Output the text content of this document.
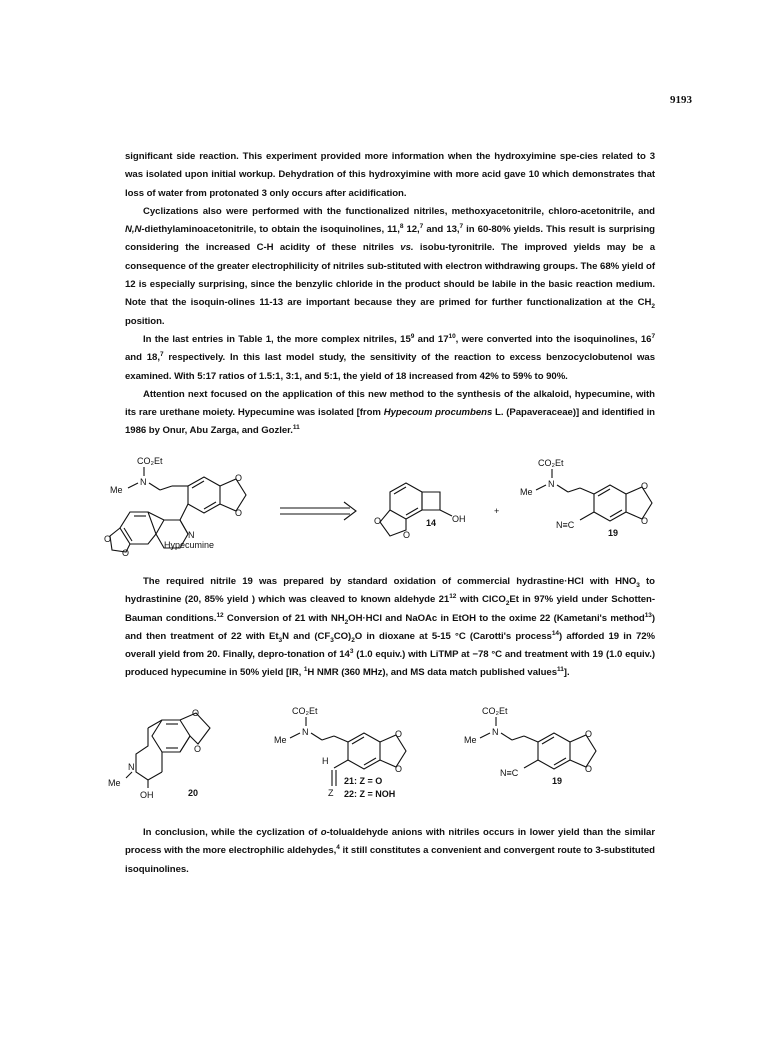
9193

significant side reaction. This experiment provided more information when the hydroxyimine spe-cies related to 3 was isolated upon initial workup. Dehydration of this hydroxyimine with more acid gave 10 which demonstrates that loss of water from protonated 3 only occurs after acidification.

Cyclizations also were performed with the functionalized nitriles, methoxyacetonitrile, chloro-acetonitrile, and N,N-diethylaminoacetonitrile, to obtain the isoquinolines, 11,$^8$ 12,$^7$ and 13,$^7$ in 60-80% yields. This result is surprising considering the increased C-H acidity of these nitriles vs. isobu-tyronitrile. The improved yields may be a consequence of the greater electrophilicity of nitriles sub-stituted with electron withdrawing groups. The 68% yield of 12 is especially surprising, since the benzylic chloride in the product should be labile in the basic reaction medium. Note that the isoquin-olines 11-13 are important because they are primed for further functionalization at the $CH_2$ position.

In the last entries in Table 1, the more complex nitriles, $15^9$ and $17^{10}$, were converted into the isoquinolines, $16^7$ and 18,$^7$ respectively. In this last model study, the sensitivity of the reaction to excess benzocyclobutenol was examined. With 5:17 ratios of 1.5:1, 3:1, and 5:1, the yield of 18 increased from 42% to 59% to 90%.

Attention next focused on the application of this new method to the synthesis of the alkaloid, hypecumine, with its rare urethane moiety. Hypecumine was isolated [from Hypecoum procumbens L. (Papaveraceae)] and identified in 1986 by Onur, Abu Zarga, and Gozler.$^{11}$

CO₂Et
N
Me
O
O
N
O
O
Hypecumine
OH
O
O
14
+
CO₂Et
N
Me
O
O
N≡C
19

The required nitrile 19 was prepared by standard oxidation of commercial hydrastine·HCl with $HNO_3$ to hydrastinine (20, 85% yield ) which was cleaved to known aldehyde $21^{12}$ with ClCO$_2$Et in 97% yield under Schotten-Bauman conditions.$^{12}$ Conversion of 21 with $NH_2OH\cdot HCl$ and NaOAc in EtOH to the oxime 22 (Kametani's method$^{13}$) and then treatment of 22 with $Et_3N$ and $(CF_3CO)_2O$ in dioxane at 5-15 °C (Carotti's process$^{14}$) afforded 19 in 72% overall yield from 20. Finally, depro-tonation of $14^3$ (1.0 equiv.) with LiTMP at −78 °C and treatment with 19 (1.0 equiv.) produced hypecumine in 50% yield [IR, $^1$H NMR (360 MHz), and MS data match published values$^{11}$].

N
Me
OH
O
O
20
CO₂Et
N
Me
O
O
H
Z
21: Z = O
22: Z = NOH
CO₂Et
N
Me
O
O
N≡C
19

In conclusion, while the cyclization of o-tolualdehyde anions with nitriles occurs in lower yield than the similar process with the more electrophilic aldehydes,$^4$ it still constitutes a convenient and convergent route to 3-substituted isoquinolines.
